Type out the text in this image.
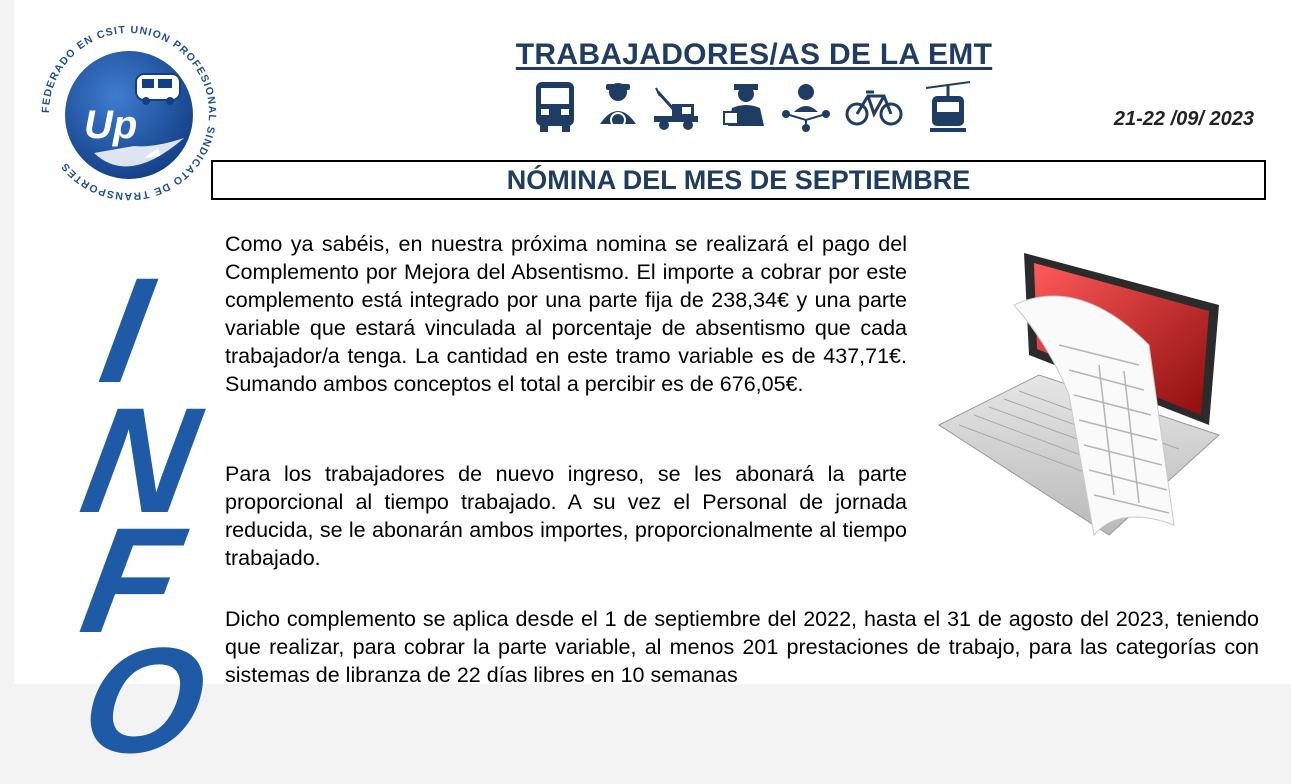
FEDERADO EN CSIT UNION PROFESIONAL SINDICATO DE TRANSPORTES
Up
TRABAJADORES/AS DE LA EMT
21-22 /09/ 2023
NÓMINA DEL MES DE SEPTIEMBRE
I
N
F
O

Como ya sabéis, en nuestra próxima nomina se realizará el pago del Complemento por Mejora del Absentismo. El importe a cobrar por este complemento está integrado por una parte fija de 238,34€ y una parte variable que estará vinculada al porcentaje de absentismo que cada trabajador/a tenga. La cantidad en este tramo variable es de 437,71€. Sumando ambos conceptos el total a percibir es de 676,05€.

Para los trabajadores de nuevo ingreso, se les abonará la parte proporcional al tiempo trabajado. A su vez el Personal de jornada reducida, se le abonarán ambos importes, proporcionalmente al tiempo trabajado.

Dicho complemento se aplica desde el 1 de septiembre del 2022, hasta el 31 de agosto del 2023, teniendo que realizar, para cobrar la parte variable, al menos 201 prestaciones de trabajo, para las categorías con sistemas de libranza de 22 días libres en 10 semanas
